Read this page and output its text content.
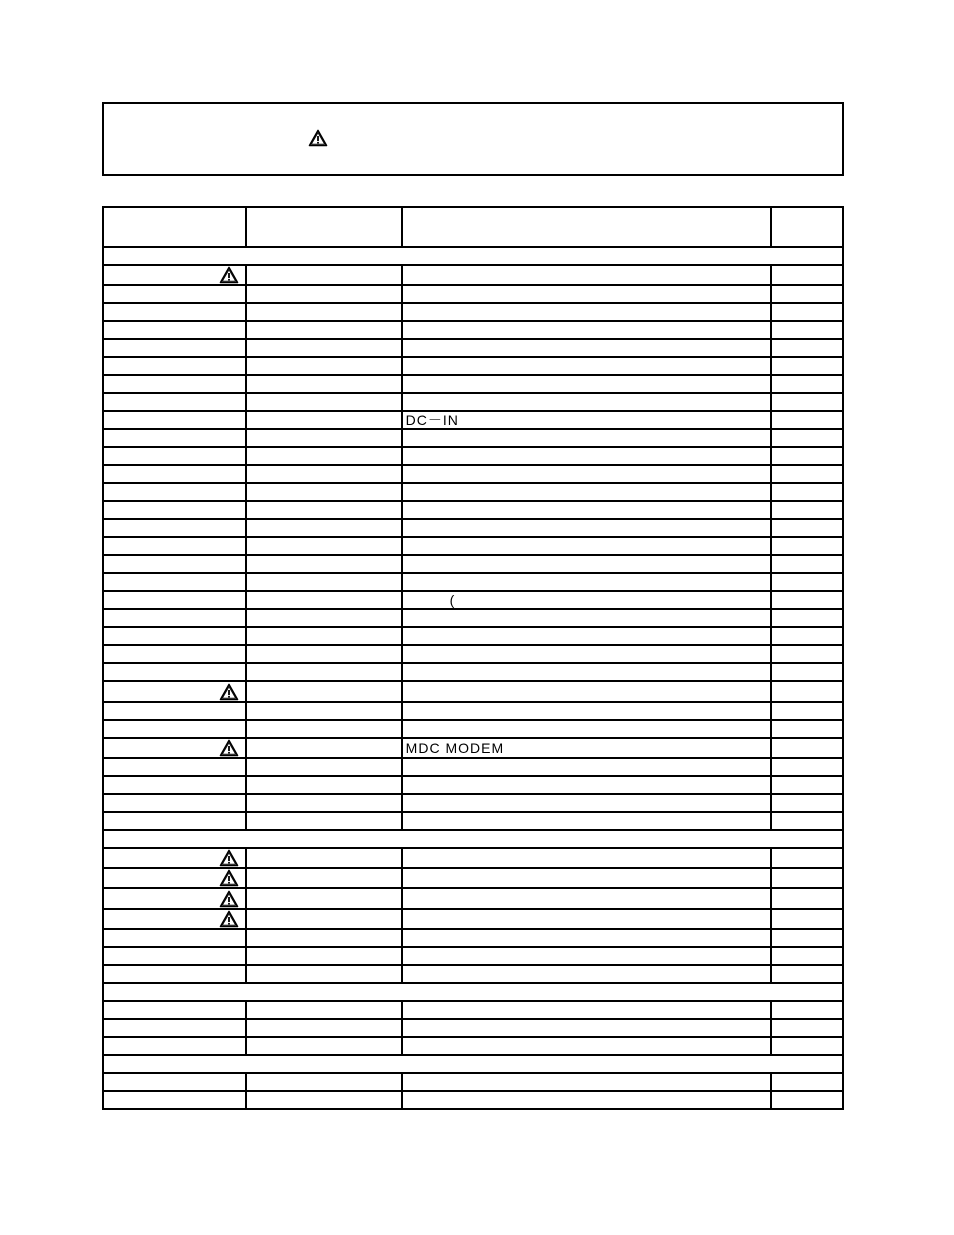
		DC－IN	

		(	

		MDC MODEM	
